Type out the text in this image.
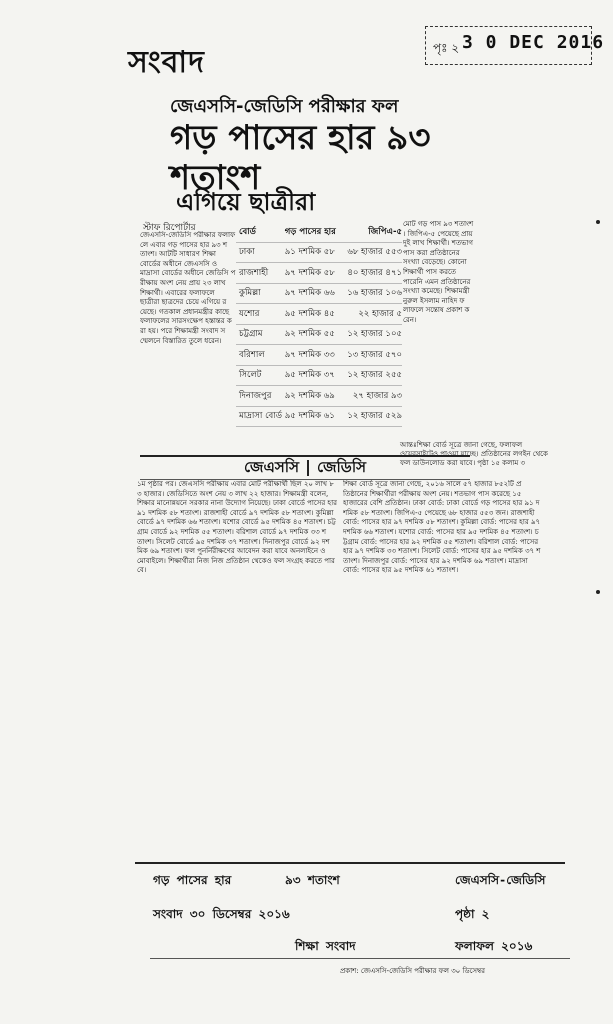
সংবাদ	পৃঃ ২ 3 0 DEC 2016
জেএসসি-জেডিসি পরীক্ষার ফল
গড় পাসের হার ৯৩ শতাংশ
এগিয়ে ছাত্রীরা
স্টাফ রিপোর্টার
জেএসসি-জেডিসি পরীক্ষার ফলাফলে এবার গড় পাসের হার ৯৩ শতাংশ। আটটি সাধারণ শিক্ষা বোর্ডের অধীনে জেএসসি ও মাদ্রাসা বোর্ডের অধীনে জেডিসি পরীক্ষায় অংশ নেয় প্রায় ২৩ লাখ শিক্ষার্থী। এবারের ফলাফলে ছাত্রীরা ছাত্রদের চেয়ে এগিয়ে রয়েছে। গতকাল প্রধানমন্ত্রীর কাছে ফলাফলের সারসংক্ষেপ হস্তান্তর করা হয়। পরে শিক্ষামন্ত্রী সংবাদ সম্মেলনে বিস্তারিত তুলে ধরেন।
বোর্ড	গড় পাসের হার	জিপিএ-৫
ঢাকা	৯১ দশমিক ৫৮	৬৮ হাজার ৫৫৩
রাজশাহী	৯৭ দশমিক ৫৮	৪০ হাজার ৪৭১
কুমিল্লা	৯৭ দশমিক ৬৬	১৬ হাজার ১০৬
যশোর	৯৫ দশমিক ৪৫	২২ হাজার ৫
চট্টগ্রাম	৯২ দশমিক ৫৫	১২ হাজার ১০৫
বরিশাল	৯৭ দশমিক ৩৩	১৩ হাজার ৫৭০
সিলেট	৯৫ দশমিক ৩৭	১২ হাজার ২৫৫
দিনাজপুর	৯২ দশমিক ৬৯	২৭ হাজার ৯৩
মাদ্রাসা বোর্ড ৯৫ দশমিক ৬১	১২ হাজার ৫২৯
মোট গড় পাস ৯৩ শতাংশ। জিপিএ-৫ পেয়েছে প্রায় দুই লাখ শিক্ষার্থী। শতভাগ পাস করা প্রতিষ্ঠানের সংখ্যা বেড়েছে। কোনো শিক্ষার্থী পাস করতে পারেনি এমন প্রতিষ্ঠানের সংখ্যা কমেছে। শিক্ষামন্ত্রী নুরুল ইসলাম নাহিদ ফলাফলে সন্তোষ প্রকাশ করেন।
আন্তঃশিক্ষা বোর্ড সূত্রে জানা গেছে, ফলাফল ওয়েবসাইটেও পাওয়া যাচ্ছে। প্রতিষ্ঠানের লগইন থেকে ফল ডাউনলোড করা যাবে। পৃষ্ঠা ১৫ কলাম ৩
জেএসসি জেডিসি
১ম পৃষ্ঠার পর। জেএসসি পরীক্ষায় এবার মোট পরীক্ষার্থী ছিল ২০ লাখ ৮৩ হাজার। জেডিসিতে অংশ নেয় ৩ লাখ ২২ হাজার। শিক্ষামন্ত্রী বলেন, শিক্ষার মানোন্নয়নে সরকার নানা উদ্যোগ নিয়েছে। ঢাকা বোর্ডে পাসের হার ৯১ দশমিক ৫৮ শতাংশ। রাজশাহী বোর্ডে ৯৭ দশমিক ৫৮ শতাংশ। কুমিল্লা বোর্ডে ৯৭ দশমিক ৬৬ শতাংশ। যশোর বোর্ডে ৯৫ দশমিক ৪৫ শতাংশ। চট্টগ্রাম বোর্ডে ৯২ দশমিক ৫৫ শতাংশ। বরিশাল বোর্ডে ৯৭ দশমিক ৩৩ শতাংশ। সিলেট বোর্ডে ৯৫ দশমিক ৩৭ শতাংশ। দিনাজপুর বোর্ডে ৯২ দশমিক ৬৯ শতাংশ। ফল পুনর্নিরীক্ষণের আবেদন করা যাবে অনলাইনে ও মোবাইলে। শিক্ষার্থীরা নিজ নিজ প্রতিষ্ঠান থেকেও ফল সংগ্রহ করতে পারবে।
শিক্ষা বোর্ড সূত্রে জানা গেছে, ২০১৬ সালে ৫৭ হাজার ৮৫২টি প্রতিষ্ঠানের শিক্ষার্থীরা পরীক্ষায় অংশ নেয়। শতভাগ পাস করেছে ১৫ হাজারের বেশি প্রতিষ্ঠান। ঢাকা বোর্ড: ঢাকা বোর্ডে গড় পাসের হার ৯১ দশমিক ৫৮ শতাংশ। জিপিএ-৫ পেয়েছে ৬৮ হাজার ৫৫৩ জন। রাজশাহী বোর্ড: পাসের হার ৯৭ দশমিক ৫৮ শতাংশ। কুমিল্লা বোর্ড: পাসের হার ৯৭ দশমিক ৬৬ শতাংশ। যশোর বোর্ড: পাসের হার ৯৫ দশমিক ৪৫ শতাংশ। চট্টগ্রাম বোর্ড: পাসের হার ৯২ দশমিক ৫৫ শতাংশ। বরিশাল বোর্ড: পাসের হার ৯৭ দশমিক ৩৩ শতাংশ। সিলেট বোর্ড: পাসের হার ৯৫ দশমিক ৩৭ শতাংশ। দিনাজপুর বোর্ড: পাসের হার ৯২ দশমিক ৬৯ শতাংশ। মাদ্রাসা বোর্ড: পাসের হার ৯৫ দশমিক ৬১ শতাংশ।
গড় পাসের হার	৯৩ শতাংশ	জেএসসি-জেডিসি
সংবাদ ৩০ ডিসেম্বর ২০১৬	পৃষ্ঠা ২
শিক্ষা সংবাদ	ফলাফল ২০১৬
প্রকাশ: জেএসসি-জেডিসি পরীক্ষার ফল ৩০ ডিসেম্বর
